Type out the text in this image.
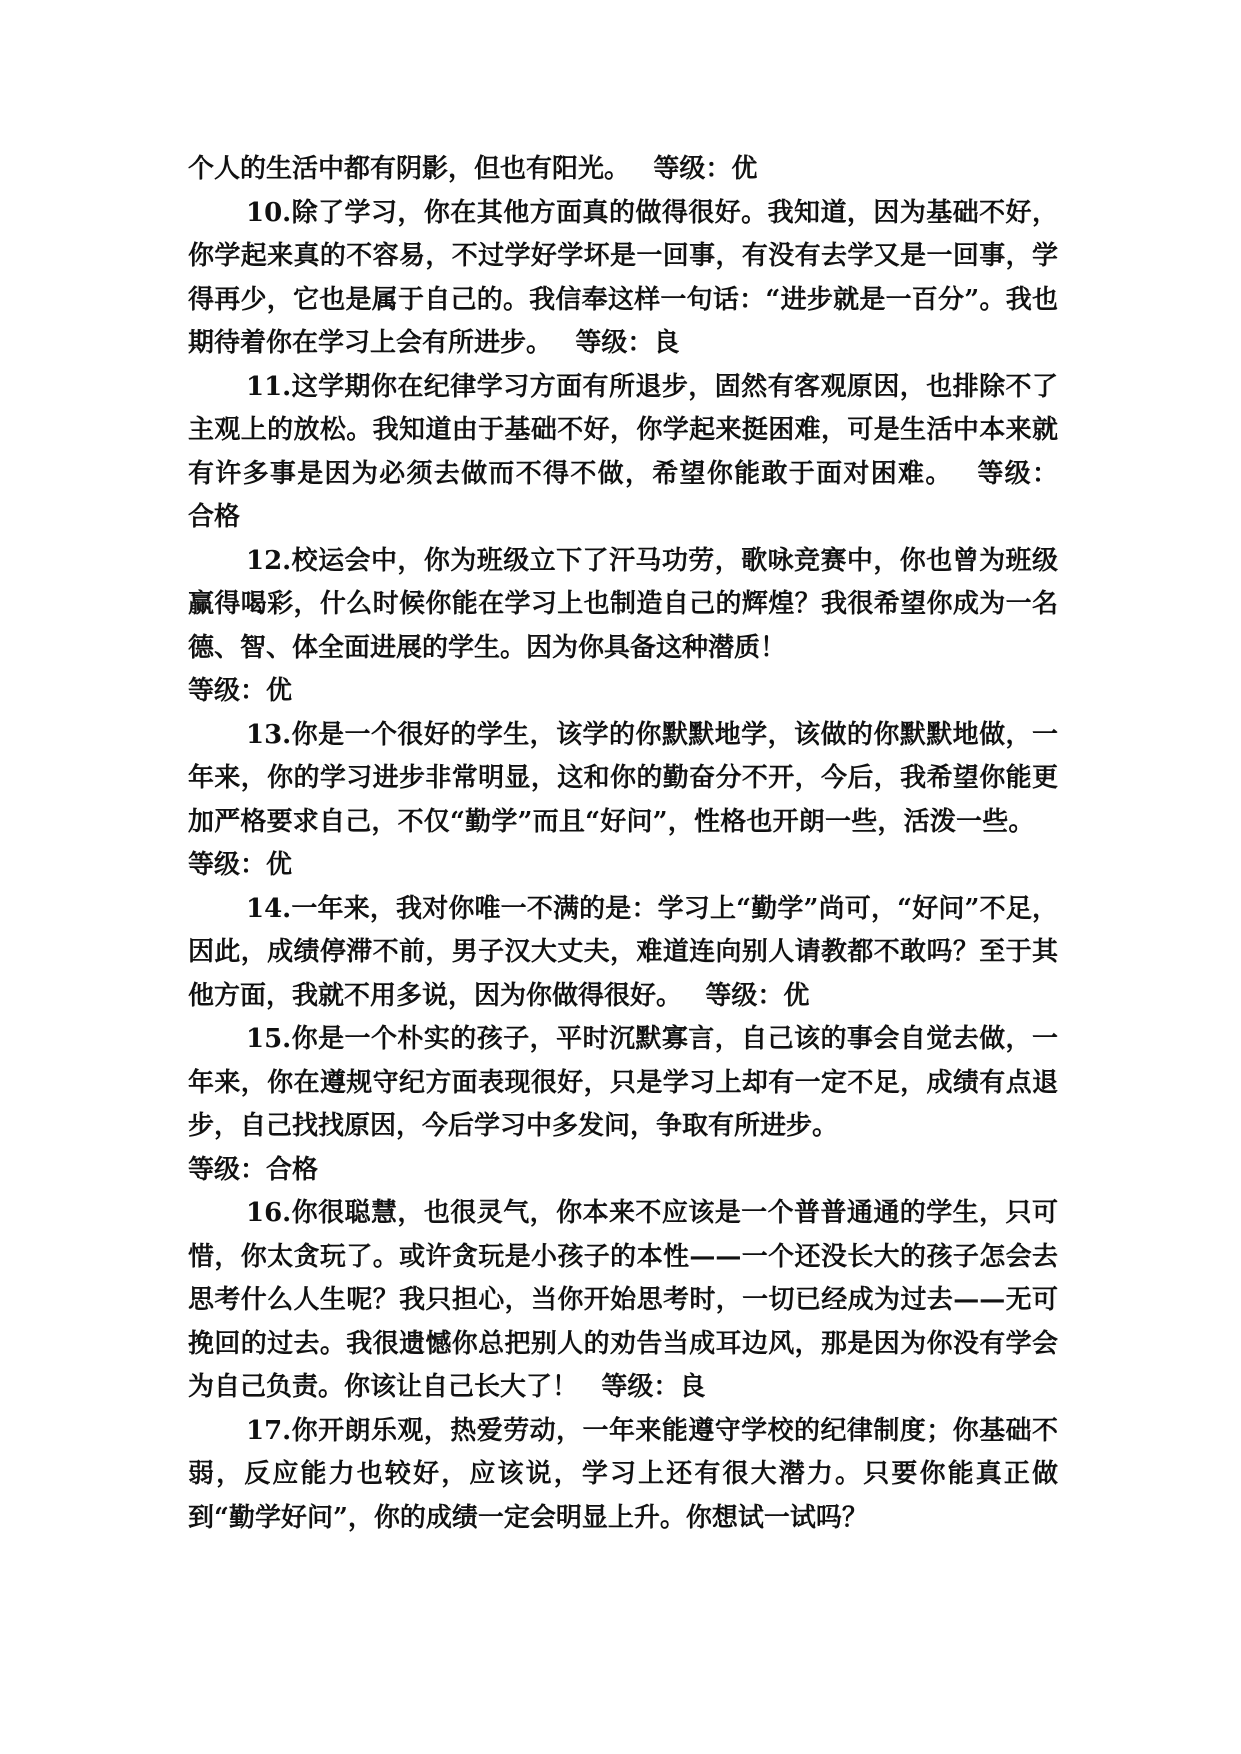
个人的生活中都有阴影，但也有阳光。 等级：优

10.除了学习，你在其他方面真的做得很好。我知道，因为基础不好，你学起来真的不容易，不过学好学坏是一回事，有没有去学又是一回事，学得再少，它也是属于自己的。我信奉这样一句话：“进步就是一百分”。我也期待着你在学习上会有所进步。 等级：良

11.这学期你在纪律学习方面有所退步，固然有客观原因，也排除不了主观上的放松。我知道由于基础不好，你学起来挺困难，可是生活中本来就有许多事是因为必须去做而不得不做，希望你能敢于面对困难。 等级：合格

12.校运会中，你为班级立下了汗马功劳，歌咏竞赛中，你也曾为班级赢得喝彩，什么时候你能在学习上也制造自己的辉煌？我很希望你成为一名德、智、体全面进展的学生。因为你具备这种潜质！
等级：优

13.你是一个很好的学生，该学的你默默地学，该做的你默默地做，一年来，你的学习进步非常明显，这和你的勤奋分不开，今后，我希望你能更加严格要求自己，不仅“勤学”而且“好问”，性格也开朗一些，活泼一些。等级：优

14.一年来，我对你唯一不满的是：学习上“勤学”尚可，“好问”不足，因此，成绩停滞不前，男子汉大丈夫，难道连向别人请教都不敢吗？至于其他方面，我就不用多说，因为你做得很好。 等级：优

15.你是一个朴实的孩子，平时沉默寡言，自己该的事会自觉去做，一年来，你在遵规守纪方面表现很好，只是学习上却有一定不足，成绩有点退步，自己找找原因，今后学习中多发问，争取有所进步。
等级：合格

16.你很聪慧，也很灵气，你本来不应该是一个普普通通的学生，只可惜，你太贪玩了。或许贪玩是小孩子的本性——一个还没长大的孩子怎会去思考什么人生呢？我只担心，当你开始思考时，一切已经成为过去——无可挽回的过去。我很遗憾你总把别人的劝告当成耳边风，那是因为你没有学会为自己负责。你该让自己长大了！ 等级：良

17.你开朗乐观，热爱劳动，一年来能遵守学校的纪律制度；你基础不弱，反应能力也较好，应该说，学习上还有很大潜力。只要你能真正做到“勤学好问”，你的成绩一定会明显上升。你想试一试吗？
